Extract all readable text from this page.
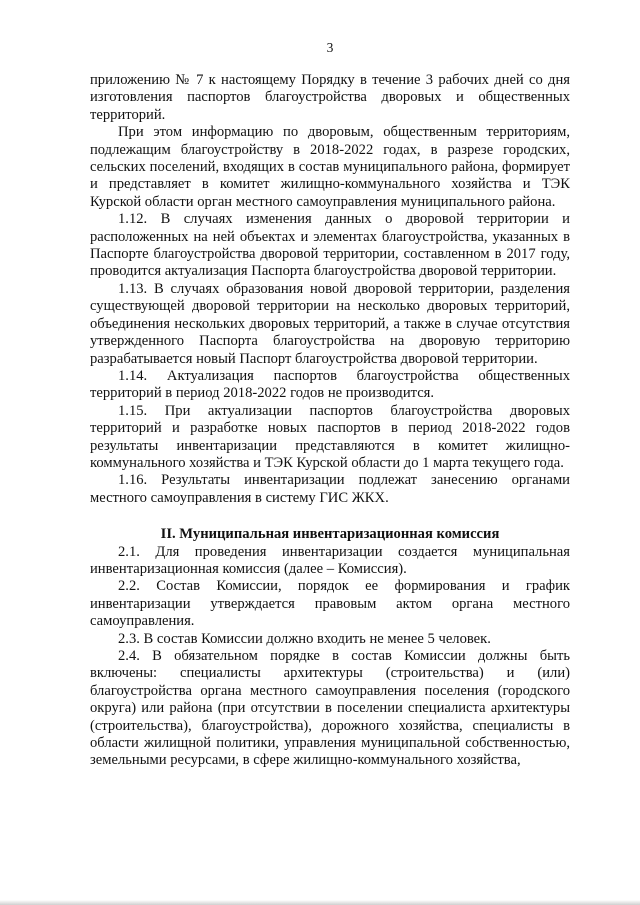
3

приложению № 7 к настоящему Порядку в течение 3 рабочих дней со дня изготовления паспортов благоустройства дворовых и общественных территорий.

При этом информацию по дворовым, общественным территориям, подлежащим благоустройству в 2018-2022 годах, в разрезе городских, сельских поселений, входящих в состав муниципального района, формирует и представляет в комитет жилищно-коммунального хозяйства и ТЭК Курской области орган местного самоуправления муниципального района.

1.12. В случаях изменения данных о дворовой территории и расположенных на ней объектах и элементах благоустройства, указанных в Паспорте благоустройства дворовой территории, составленном в 2017 году, проводится актуализация Паспорта благоустройства дворовой территории.

1.13. В случаях образования новой дворовой территории, разделения существующей дворовой территории на несколько дворовых территорий, объединения нескольких дворовых территорий, а также в случае отсутствия утвержденного Паспорта благоустройства на дворовую территорию разрабатывается новый Паспорт благоустройства дворовой территории.

1.14. Актуализация паспортов благоустройства общественных территорий в период 2018-2022 годов не производится.

1.15. При актуализации паспортов благоустройства дворовых территорий и разработке новых паспортов в период 2018-2022 годов результаты инвентаризации представляются в комитет жилищно-коммунального хозяйства и ТЭК Курской области до 1 марта текущего года.

1.16. Результаты инвентаризации подлежат занесению органами местного самоуправления в систему ГИС ЖКХ.

II. Муниципальная инвентаризационная комиссия

2.1. Для проведения инвентаризации создается муниципальная инвентаризационная комиссия (далее – Комиссия).

2.2. Состав Комиссии, порядок ее формирования и график инвентаризации утверждается правовым актом органа местного самоуправления.

2.3. В состав Комиссии должно входить не менее 5 человек.

2.4. В обязательном порядке в состав Комиссии должны быть включены: специалисты архитектуры (строительства) и (или) благоустройства органа местного самоуправления поселения (городского округа) или района (при отсутствии в поселении специалиста архитектуры (строительства), благоустройства), дорожного хозяйства, специалисты в области жилищной политики, управления муниципальной собственностью, земельными ресурсами, в сфере жилищно-коммунального хозяйства,
